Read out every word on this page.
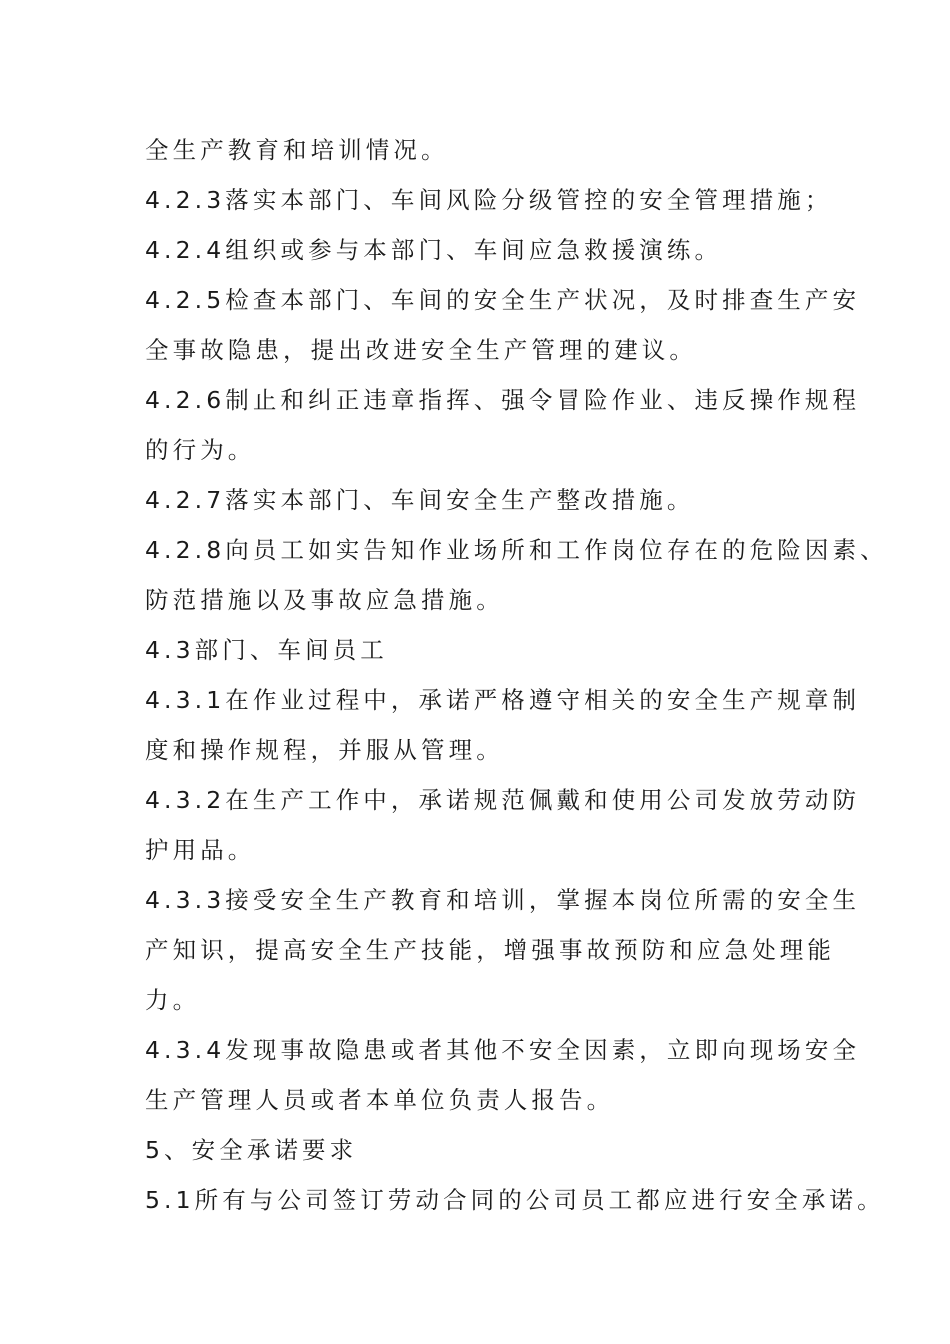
全生产教育和培训情况。
4.2.3落实本部门、车间风险分级管控的安全管理措施；
4.2.4组织或参与本部门、车间应急救援演练。
4.2.5检查本部门、车间的安全生产状况，及时排查生产安
全事故隐患，提出改进安全生产管理的建议。
4.2.6制止和纠正违章指挥、强令冒险作业、违反操作规程
的行为。
4.2.7落实本部门、车间安全生产整改措施。
4.2.8向员工如实告知作业场所和工作岗位存在的危险因素、
防范措施以及事故应急措施。
4.3部门、车间员工
4.3.1在作业过程中，承诺严格遵守相关的安全生产规章制
度和操作规程，并服从管理。
4.3.2在生产工作中，承诺规范佩戴和使用公司发放劳动防
护用品。
4.3.3接受安全生产教育和培训，掌握本岗位所需的安全生
产知识，提高安全生产技能，增强事故预防和应急处理能
力。
4.3.4发现事故隐患或者其他不安全因素，立即向现场安全
生产管理人员或者本单位负责人报告。
5、安全承诺要求
5.1所有与公司签订劳动合同的公司员工都应进行安全承诺。
